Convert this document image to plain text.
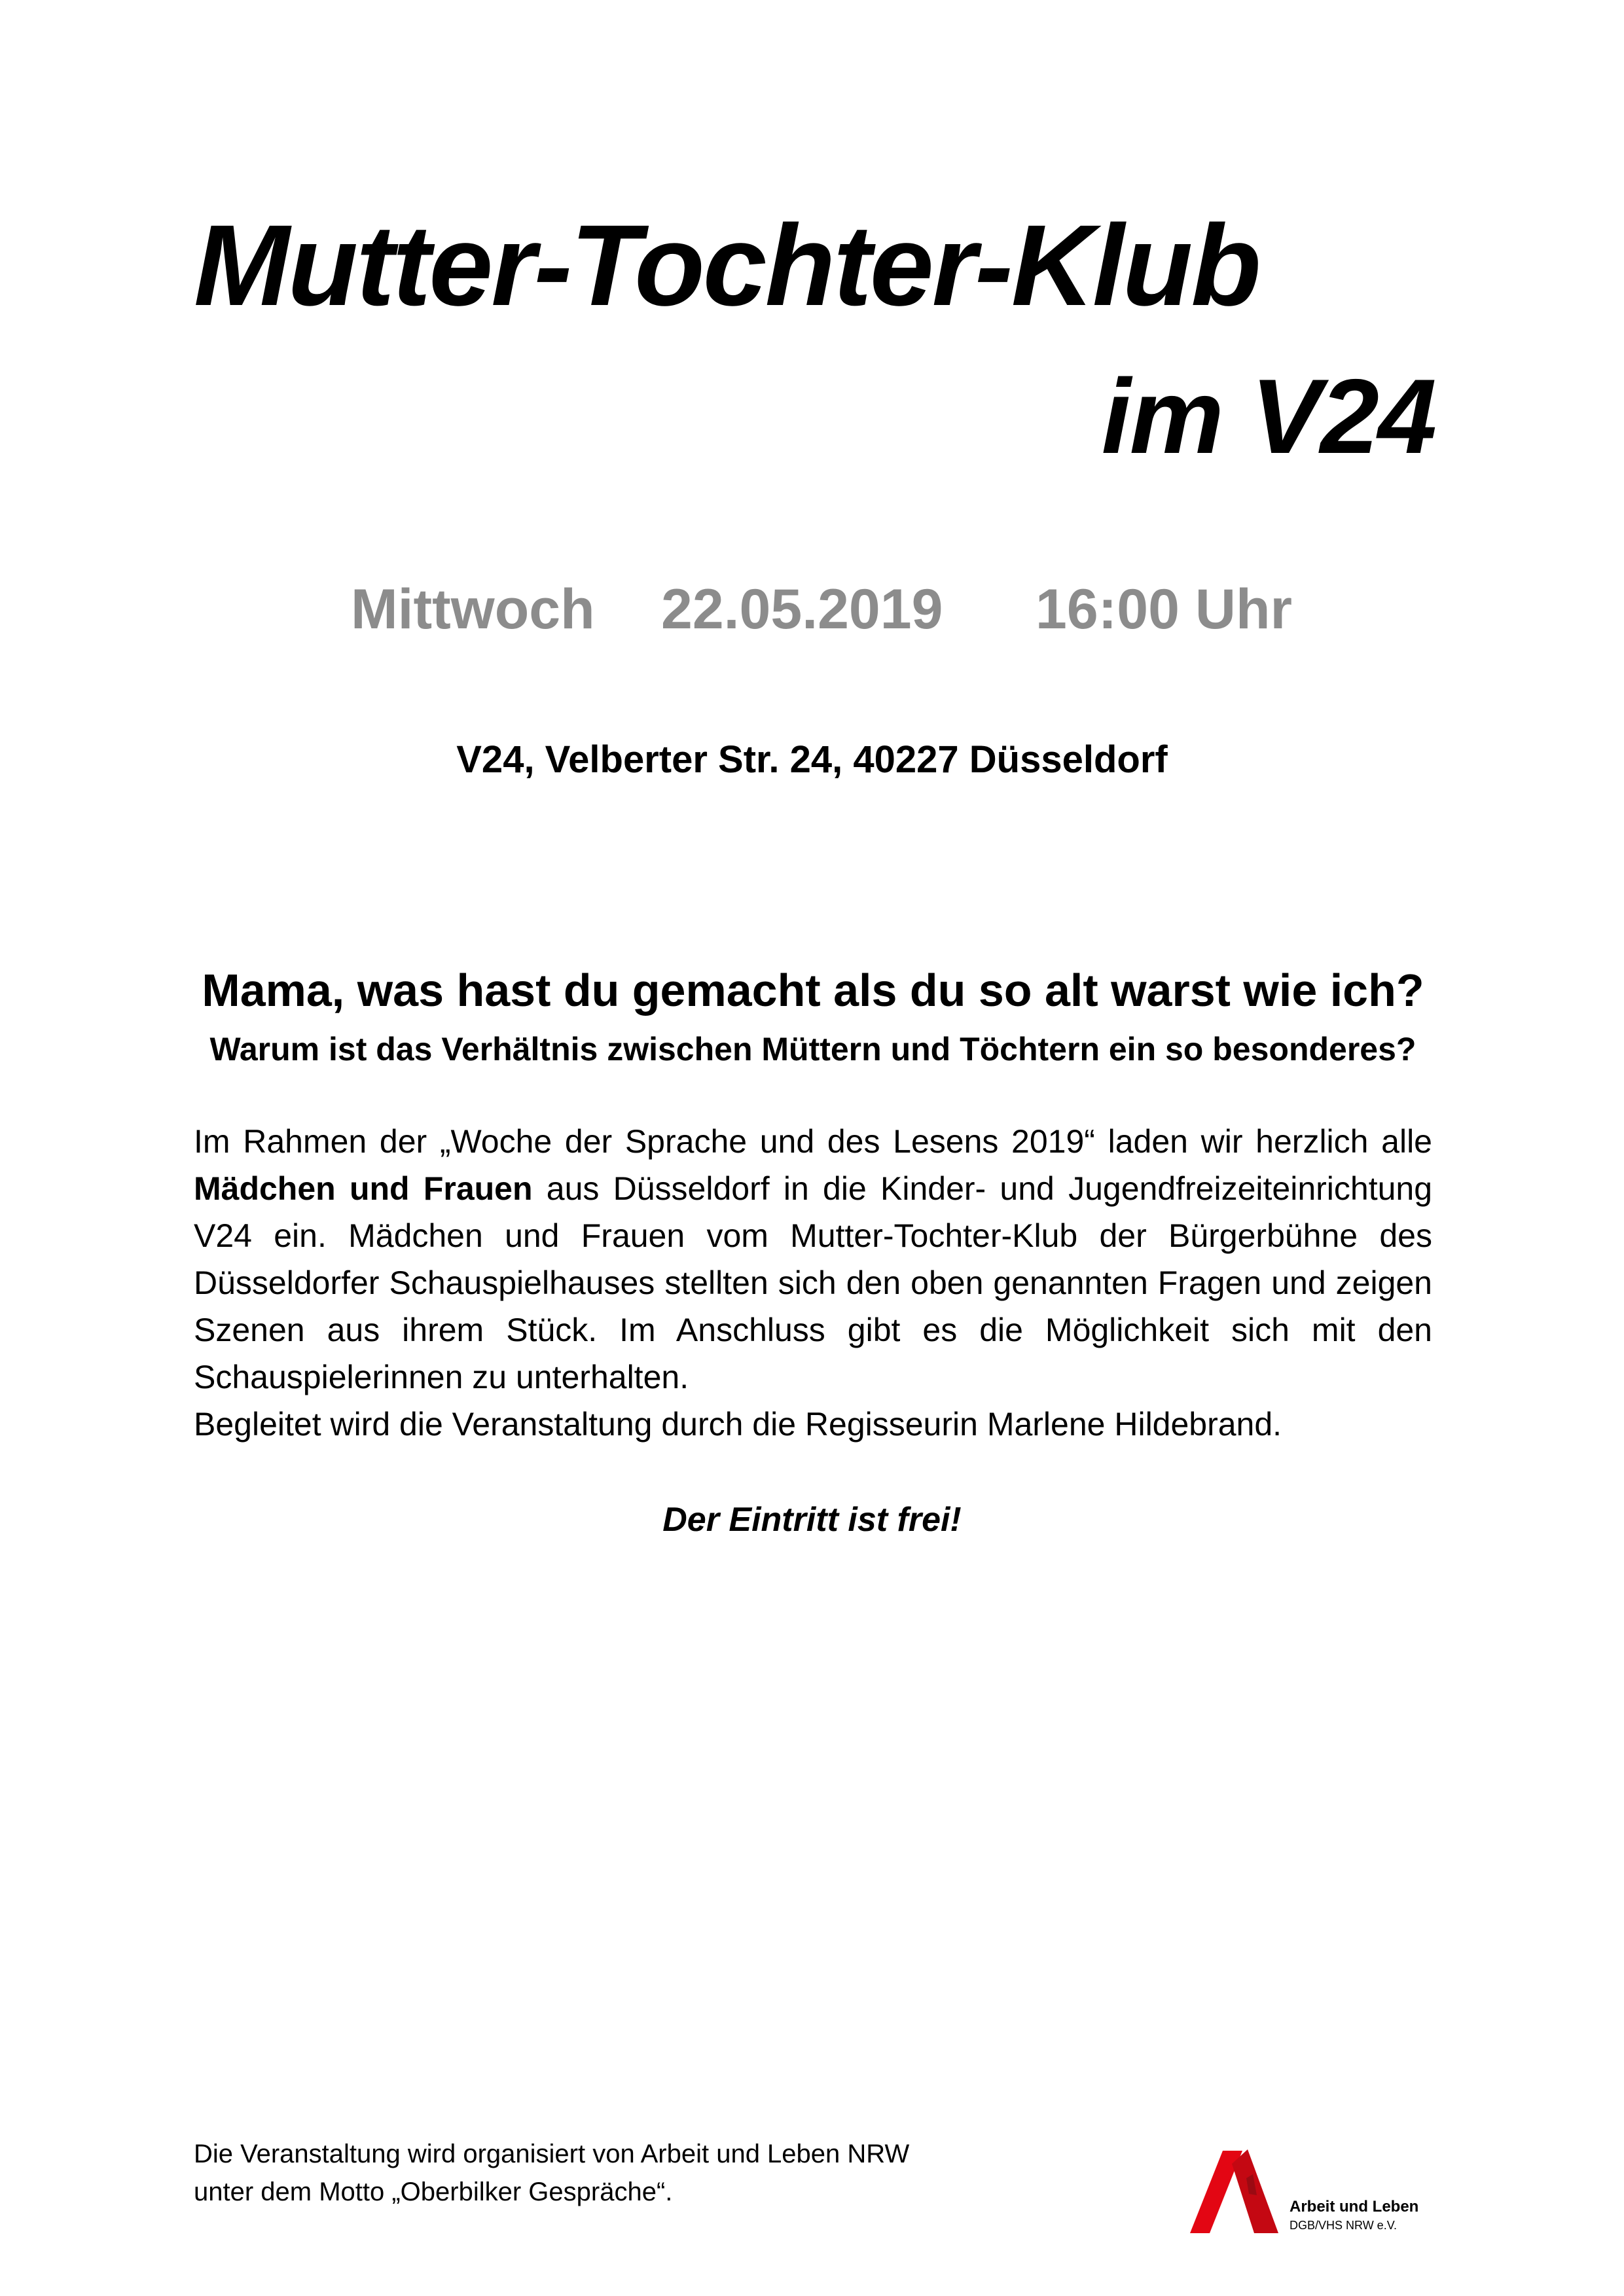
Mutter-Tochter-Klub
im V24
Mittwoch 22.05.2019 16:00 Uhr
V24, Velberter Str. 24, 40227 Düsseldorf
Mama, was hast du gemacht als du so alt warst wie ich?
Warum ist das Verhältnis zwischen Müttern und Töchtern ein so besonderes?

Im Rahmen der „Woche der Sprache und des Lesens 2019“ laden wir herzlich alle Mädchen und Frauen aus Düsseldorf in die Kinder- und Jugendfreizeiteinrichtung V24 ein. Mädchen und Frauen vom Mutter-Tochter-Klub der Bürgerbühne des Düsseldorfer Schauspielhauses stellten sich den oben genannten Fragen und zeigen Szenen aus ihrem Stück. Im Anschluss gibt es die Möglichkeit sich mit den Schauspielerinnen zu unterhalten.

Begleitet wird die Veranstaltung durch die Regisseurin Marlene Hildebrand.

Der Eintritt ist frei!
Die Veranstaltung wird organisiert von Arbeit und Leben NRW
unter dem Motto „Oberbilker Gespräche“.
Arbeit und Leben
DGB/VHS NRW e.V.
